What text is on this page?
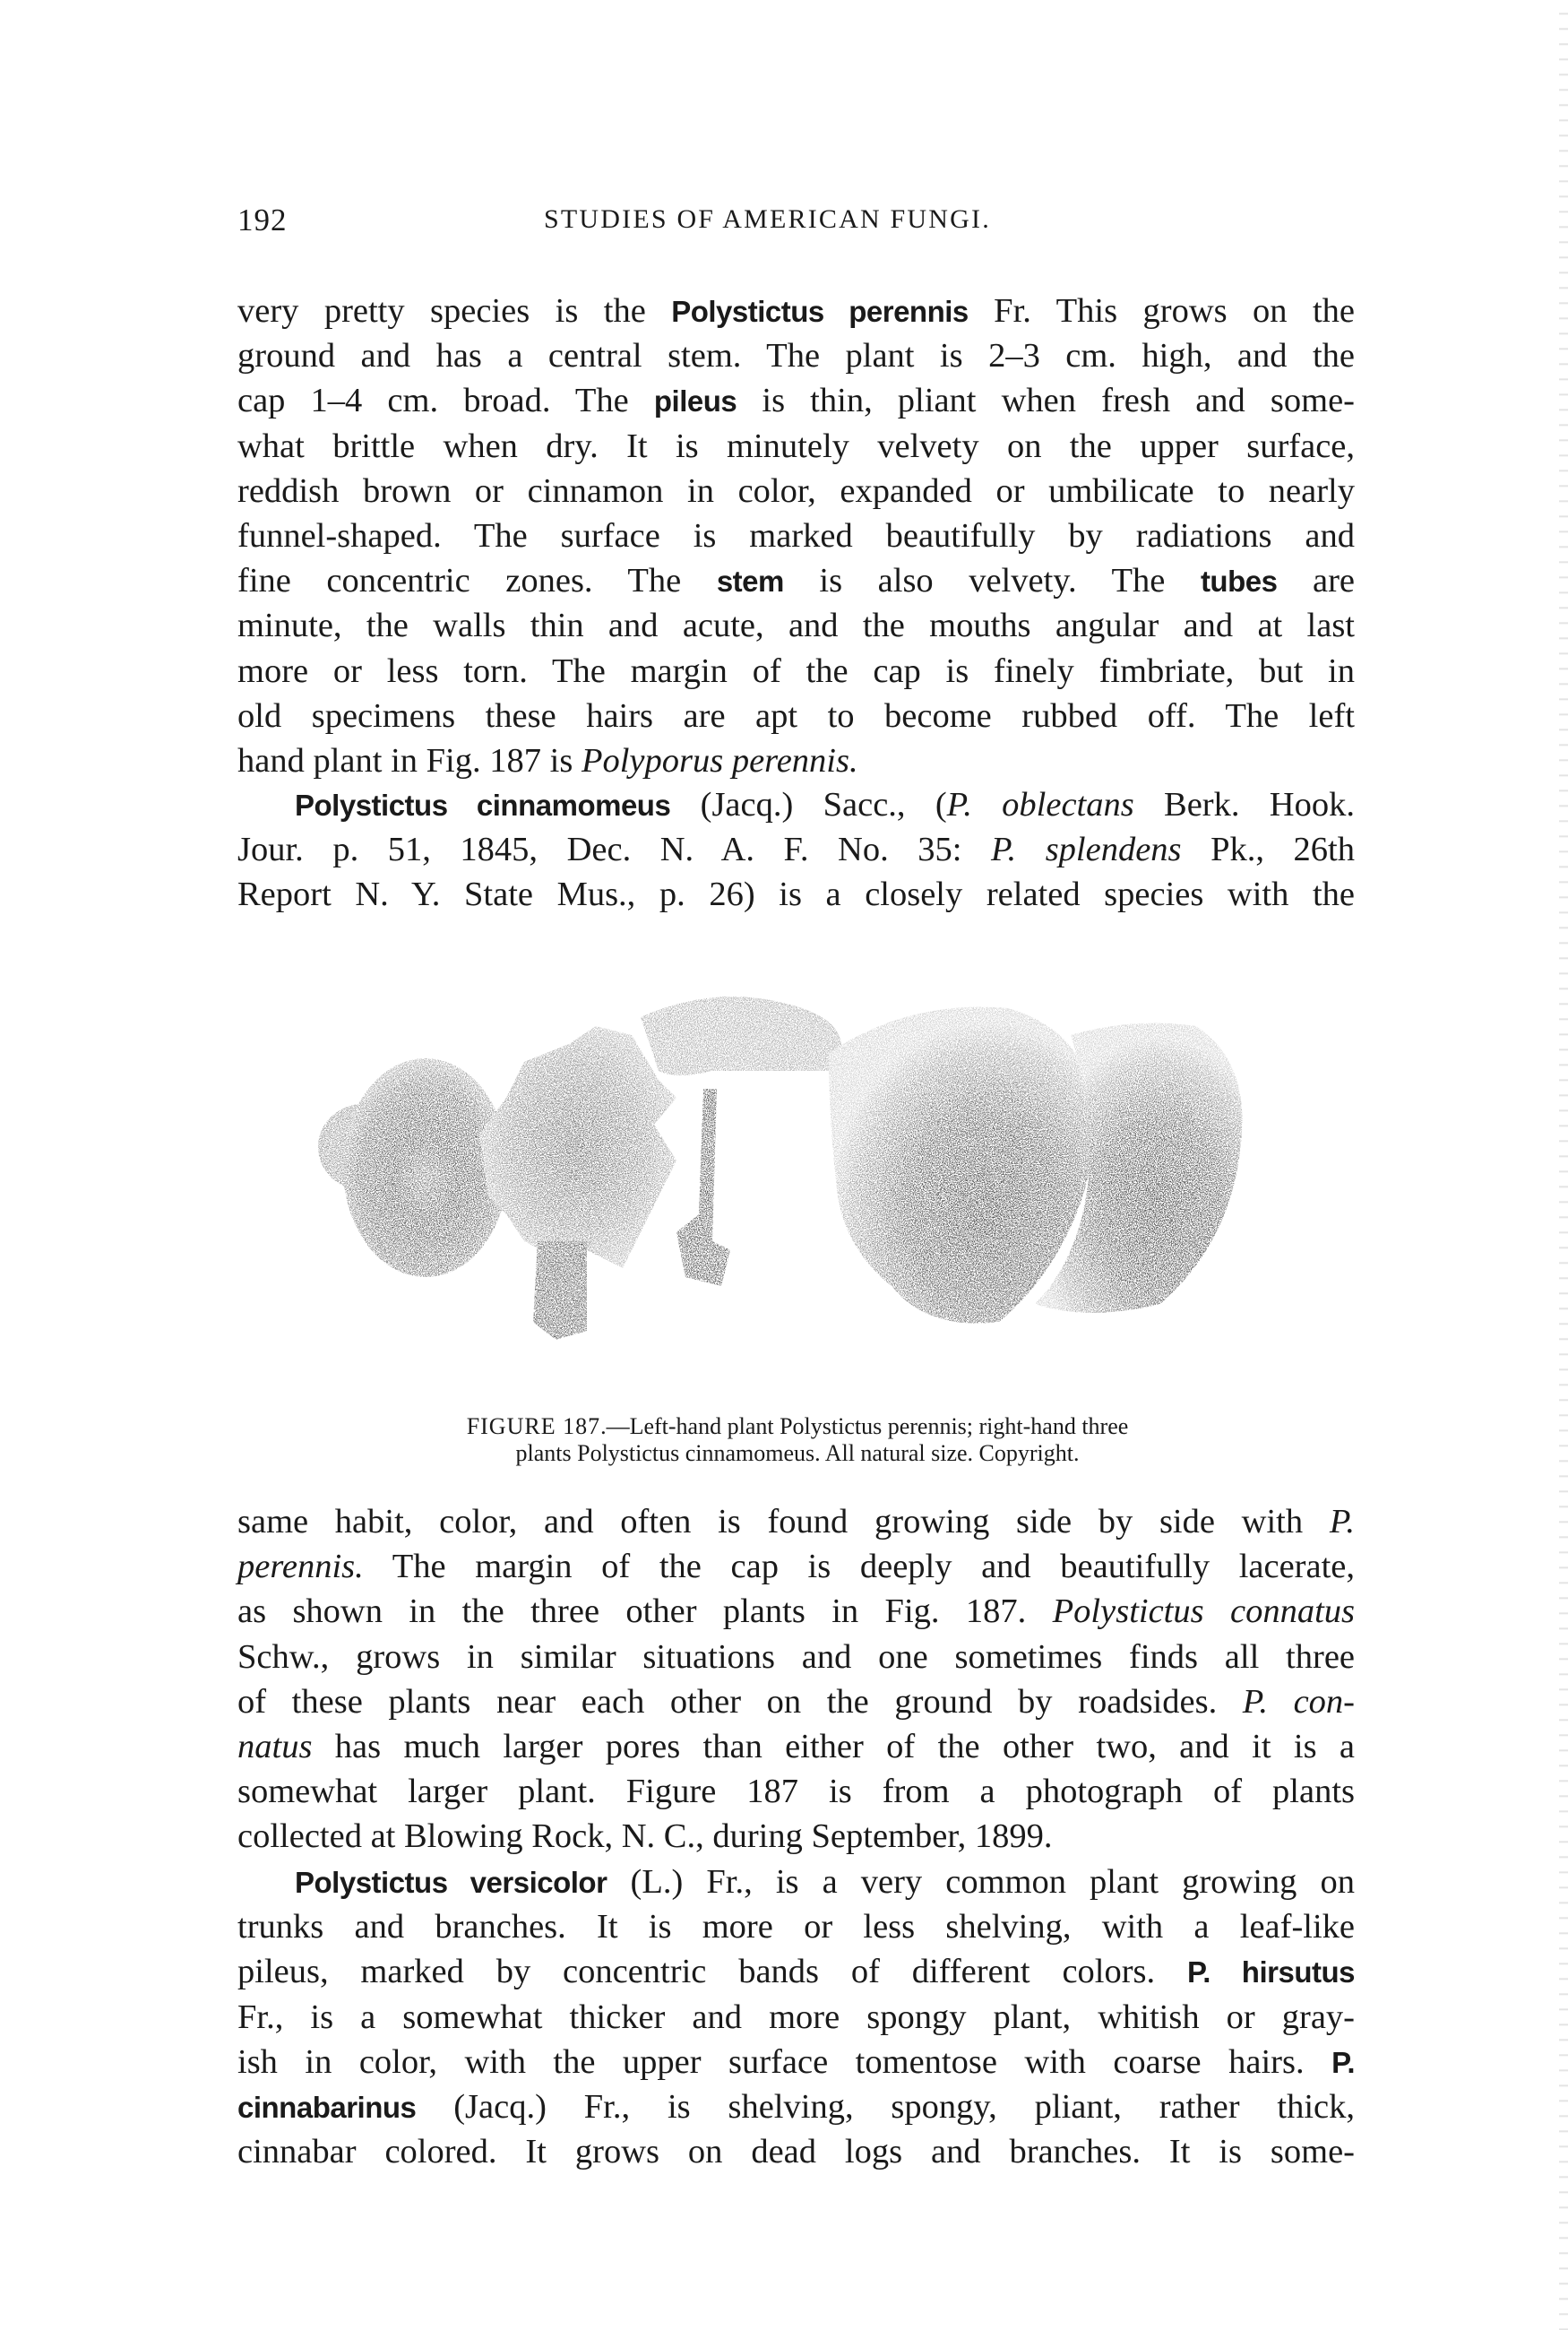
192	STUDIES OF AMERICAN FUNGI.
very pretty species is the Polystictus perennis Fr. This grows on the
ground and has a central stem. The plant is 2–3 cm. high, and the
cap 1–4 cm. broad. The pileus is thin, pliant when fresh and some-
what brittle when dry. It is minutely velvety on the upper surface,
reddish brown or cinnamon in color, expanded or umbilicate to nearly
funnel-shaped. The surface is marked beautifully by radiations and
fine concentric zones. The stem is also velvety. The tubes are
minute, the walls thin and acute, and the mouths angular and at last
more or less torn. The margin of the cap is finely fimbriate, but in
old specimens these hairs are apt to become rubbed off. The left
hand plant in Fig. 187 is Polyporus perennis.
Polystictus cinnamomeus (Jacq.) Sacc., (P. oblectans Berk. Hook.
Jour. p. 51, 1845, Dec. N. A. F. No. 35: P. splendens Pk., 26th
Report N. Y. State Mus., p. 26) is a closely related species with the
FIGURE 187.—Left-hand plant Polystictus perennis; right-hand three
plants Polystictus cinnamomeus. All natural size. Copyright.
same habit, color, and often is found growing side by side with P.
perennis. The margin of the cap is deeply and beautifully lacerate,
as shown in the three other plants in Fig. 187. Polystictus connatus
Schw., grows in similar situations and one sometimes finds all three
of these plants near each other on the ground by roadsides. P. con-
natus has much larger pores than either of the other two, and it is a
somewhat larger plant. Figure 187 is from a photograph of plants
collected at Blowing Rock, N. C., during September, 1899.
Polystictus versicolor (L.) Fr., is a very common plant growing on
trunks and branches. It is more or less shelving, with a leaf-like
pileus, marked by concentric bands of different colors. P. hirsutus
Fr., is a somewhat thicker and more spongy plant, whitish or gray-
ish in color, with the upper surface tomentose with coarse hairs. P.
cinnabarinus (Jacq.) Fr., is shelving, spongy, pliant, rather thick,
cinnabar colored. It grows on dead logs and branches. It is some-
